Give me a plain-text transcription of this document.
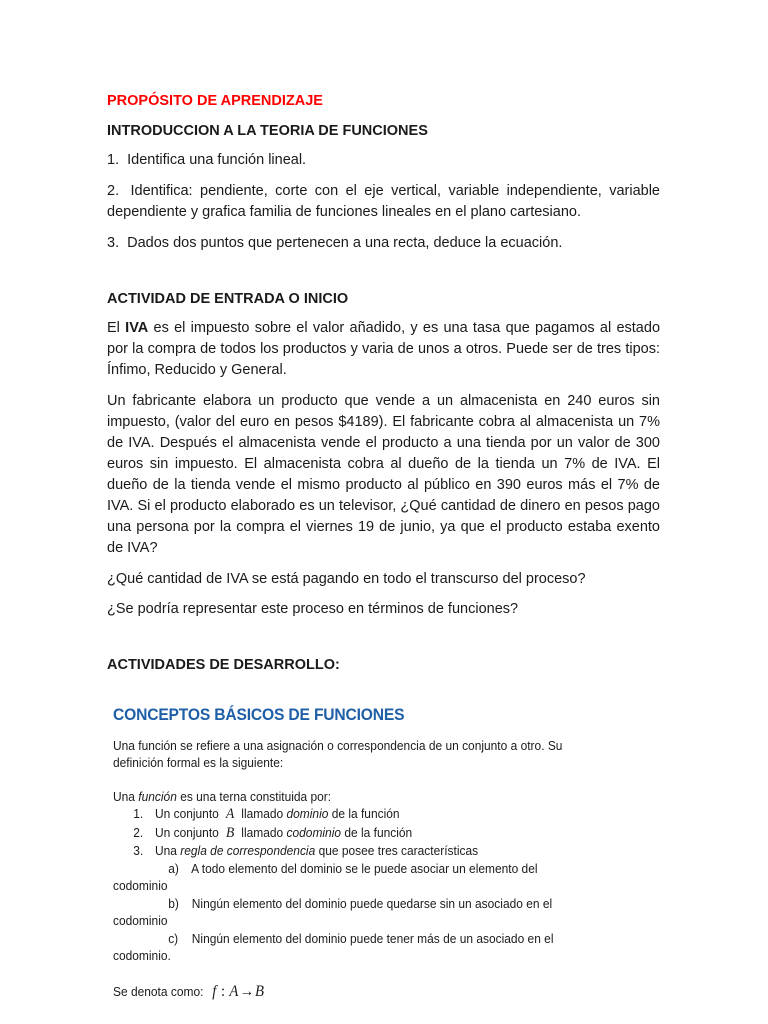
PROPÓSITO DE APRENDIZAJE
INTRODUCCION A LA TEORIA DE FUNCIONES
1. Identifica una función lineal.
2. Identifica: pendiente, corte con el eje vertical, variable independiente, variable dependiente y grafica familia de funciones lineales en el plano cartesiano.
3. Dados dos puntos que pertenecen a una recta, deduce la ecuación.
ACTIVIDAD DE ENTRADA O INICIO
El IVA es el impuesto sobre el valor añadido, y es una tasa que pagamos al estado por la compra de todos los productos y varia de unos a otros. Puede ser de tres tipos: Ínfimo, Reducido y General.
Un fabricante elabora un producto que vende a un almacenista en 240 euros sin impuesto, (valor del euro en pesos $4189). El fabricante cobra al almacenista un 7% de IVA. Después el almacenista vende el producto a una tienda por un valor de 300 euros sin impuesto. El almacenista cobra al dueño de la tienda un 7% de IVA. El dueño de la tienda vende el mismo producto al público en 390 euros más el 7% de IVA. Si el producto elaborado es un televisor, ¿Qué cantidad de dinero en pesos pago una persona por la compra el viernes 19 de junio, ya que el producto estaba exento de IVA?
¿Qué cantidad de IVA se está pagando en todo el transcurso del proceso?
¿Se podría representar este proceso en términos de funciones?
ACTIVIDADES DE DESARROLLO:
CONCEPTOS BÁSICOS DE FUNCIONES
Una función se refiere a una asignación o correspondencia de un conjunto a otro. Su definición formal es la siguiente:
Una función es una terna constituida por:
1. Un conjunto A llamado dominio de la función
2. Un conjunto B llamado codominio de la función
3. Una regla de correspondencia que posee tres características
a) A todo elemento del dominio se le puede asociar un elemento del codominio
b) Ningún elemento del dominio puede quedarse sin un asociado en el codominio
c) Ningún elemento del dominio puede tener más de un asociado en el codominio.
Se denota como: f : A→B
